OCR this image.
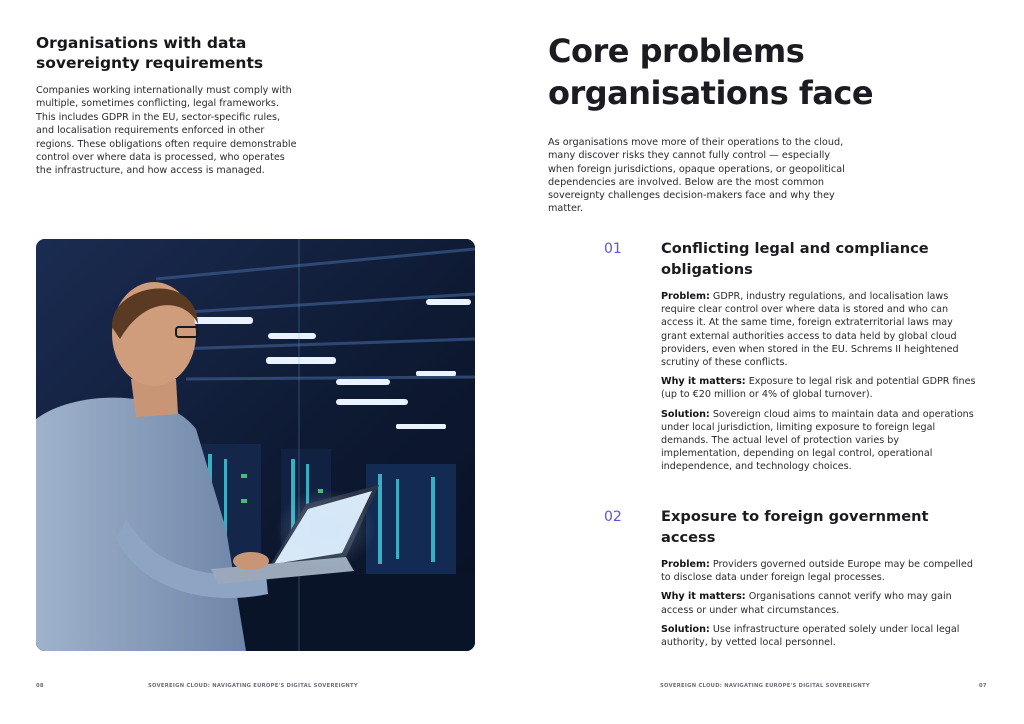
Organisations with data sovereignty requirements
Companies working internationally must comply with multiple, sometimes conflicting, legal frameworks. This includes GDPR in the EU, sector-specific rules, and localisation requirements enforced in other regions. These obligations often require demonstrable control over where data is processed, who operates the infrastructure, and how access is managed.
08	SOVEREIGN CLOUD: NAVIGATING EUROPE'S DIGITAL SOVEREIGNTY
Core problems organisations face
As organisations move more of their operations to the cloud, many discover risks they cannot fully control — especially when foreign jurisdictions, opaque operations, or geopolitical dependencies are involved. Below are the most common sovereignty challenges decision-makers face and why they matter.
01	Conflicting legal and compliance obligations

Problem: GDPR, industry regulations, and localisation laws require clear control over where data is stored and who can access it. At the same time, foreign extraterritorial laws may grant external authorities access to data held by global cloud providers, even when stored in the EU. Schrems II heightened scrutiny of these conflicts.

Why it matters: Exposure to legal risk and potential GDPR fines (up to €20 million or 4% of global turnover).

Solution: Sovereign cloud aims to maintain data and operations under local jurisdiction, limiting exposure to foreign legal demands. The actual level of protection varies by implementation, depending on legal control, operational independence, and technology choices.

02	Exposure to foreign government access

Problem: Providers governed outside Europe may be compelled to disclose data under foreign legal processes.

Why it matters: Organisations cannot verify who may gain access or under what circumstances.

Solution: Use infrastructure operated solely under local legal authority, by vetted local personnel.

SOVEREIGN CLOUD: NAVIGATING EUROPE'S DIGITAL SOVEREIGNTY	07
